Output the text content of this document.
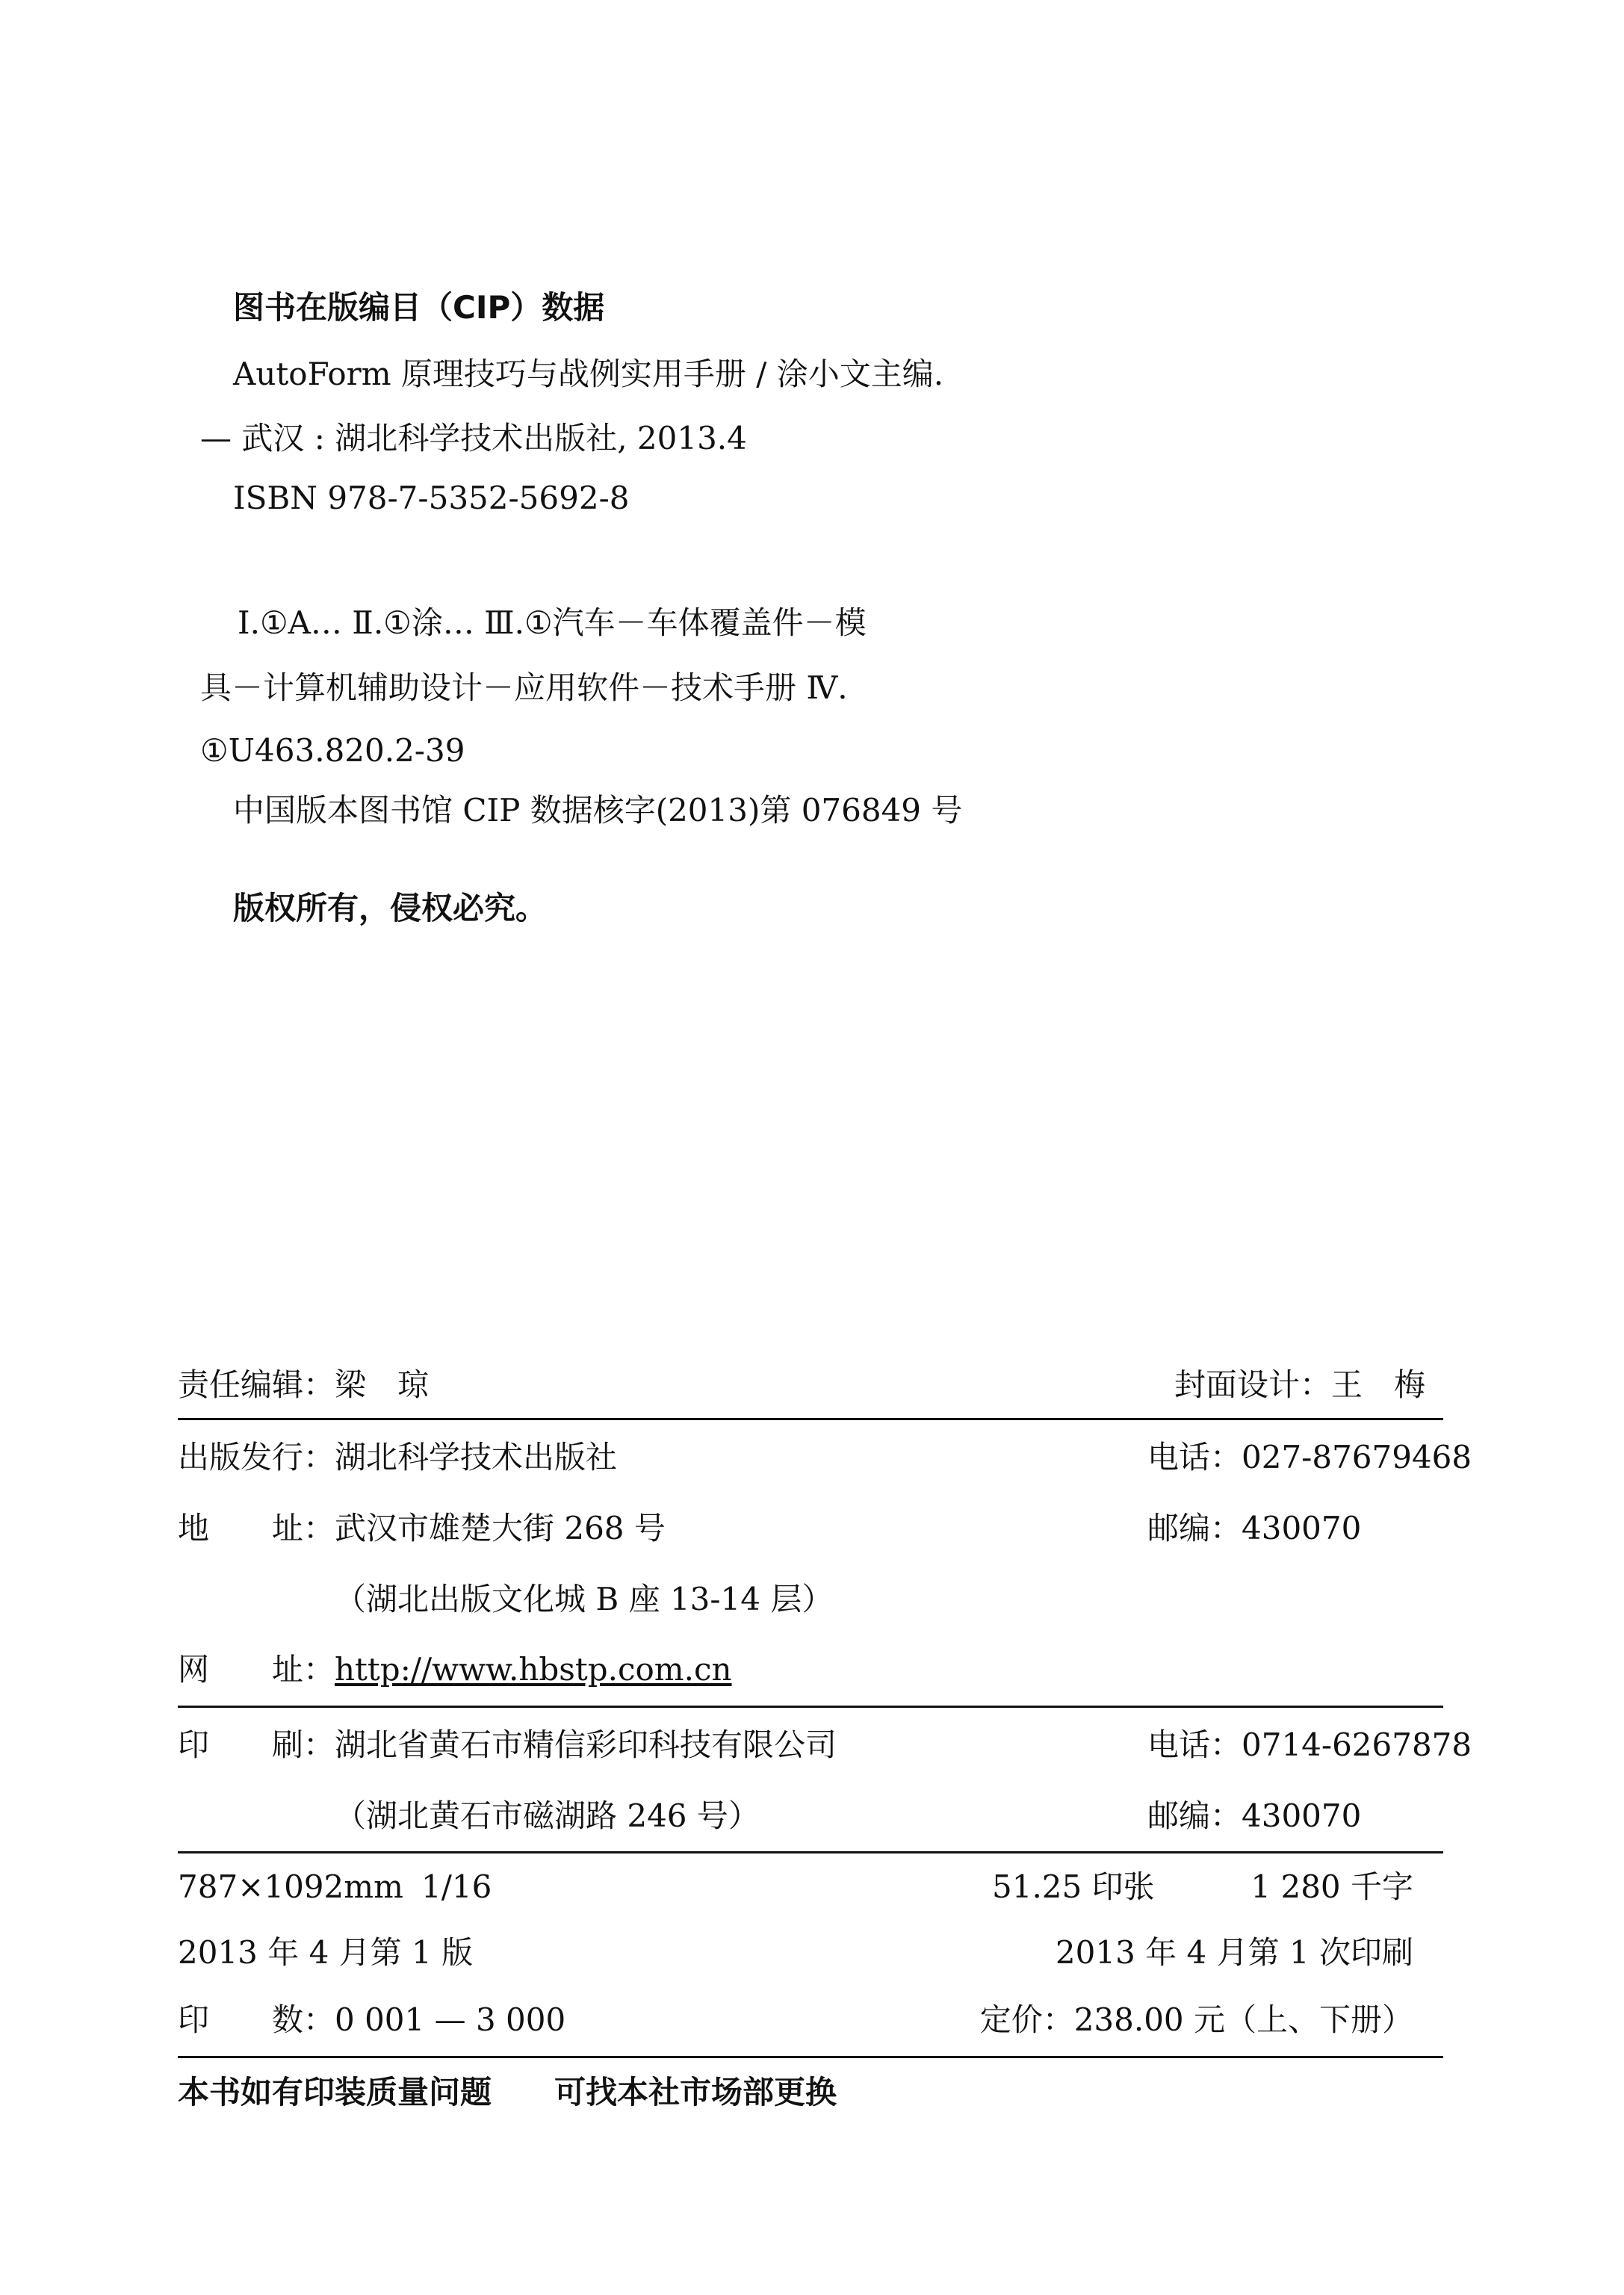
图书在版编目（CIP）数据
AutoForm 原理技巧与战例实用手册 / 涂小文主编.
— 武汉 : 湖北科学技术出版社, 2013.4
ISBN 978-7-5352-5692-8
Ⅰ.①A… Ⅱ.①涂… Ⅲ.①汽车－车体覆盖件－模
具－计算机辅助设计－应用软件－技术手册 Ⅳ.
①U463.820.2-39
中国版本图书馆 CIP 数据核字(2013)第 076849 号
版权所有，侵权必究。
责任编辑：梁　琼	封面设计：王　梅
出版发行：湖北科学技术出版社	电话：027-87679468
地　　址：武汉市雄楚大街 268 号	邮编：430070
（湖北出版文化城 B 座 13-14 层）
网　　址： http://www.hbstp.com.cn
印　　刷：湖北省黄石市精信彩印科技有限公司	电话：0714-6267878
（湖北黄石市磁湖路 246 号）	邮编：430070
787×1092mm 1/16	51.25 印张	1 280 千字
2013 年 4 月第 1 版	2013 年 4 月第 1 次印刷
印　　数：0 001 — 3 000	定价：238.00 元（上、下册）
本书如有印装质量问题　　可找本社市场部更换
